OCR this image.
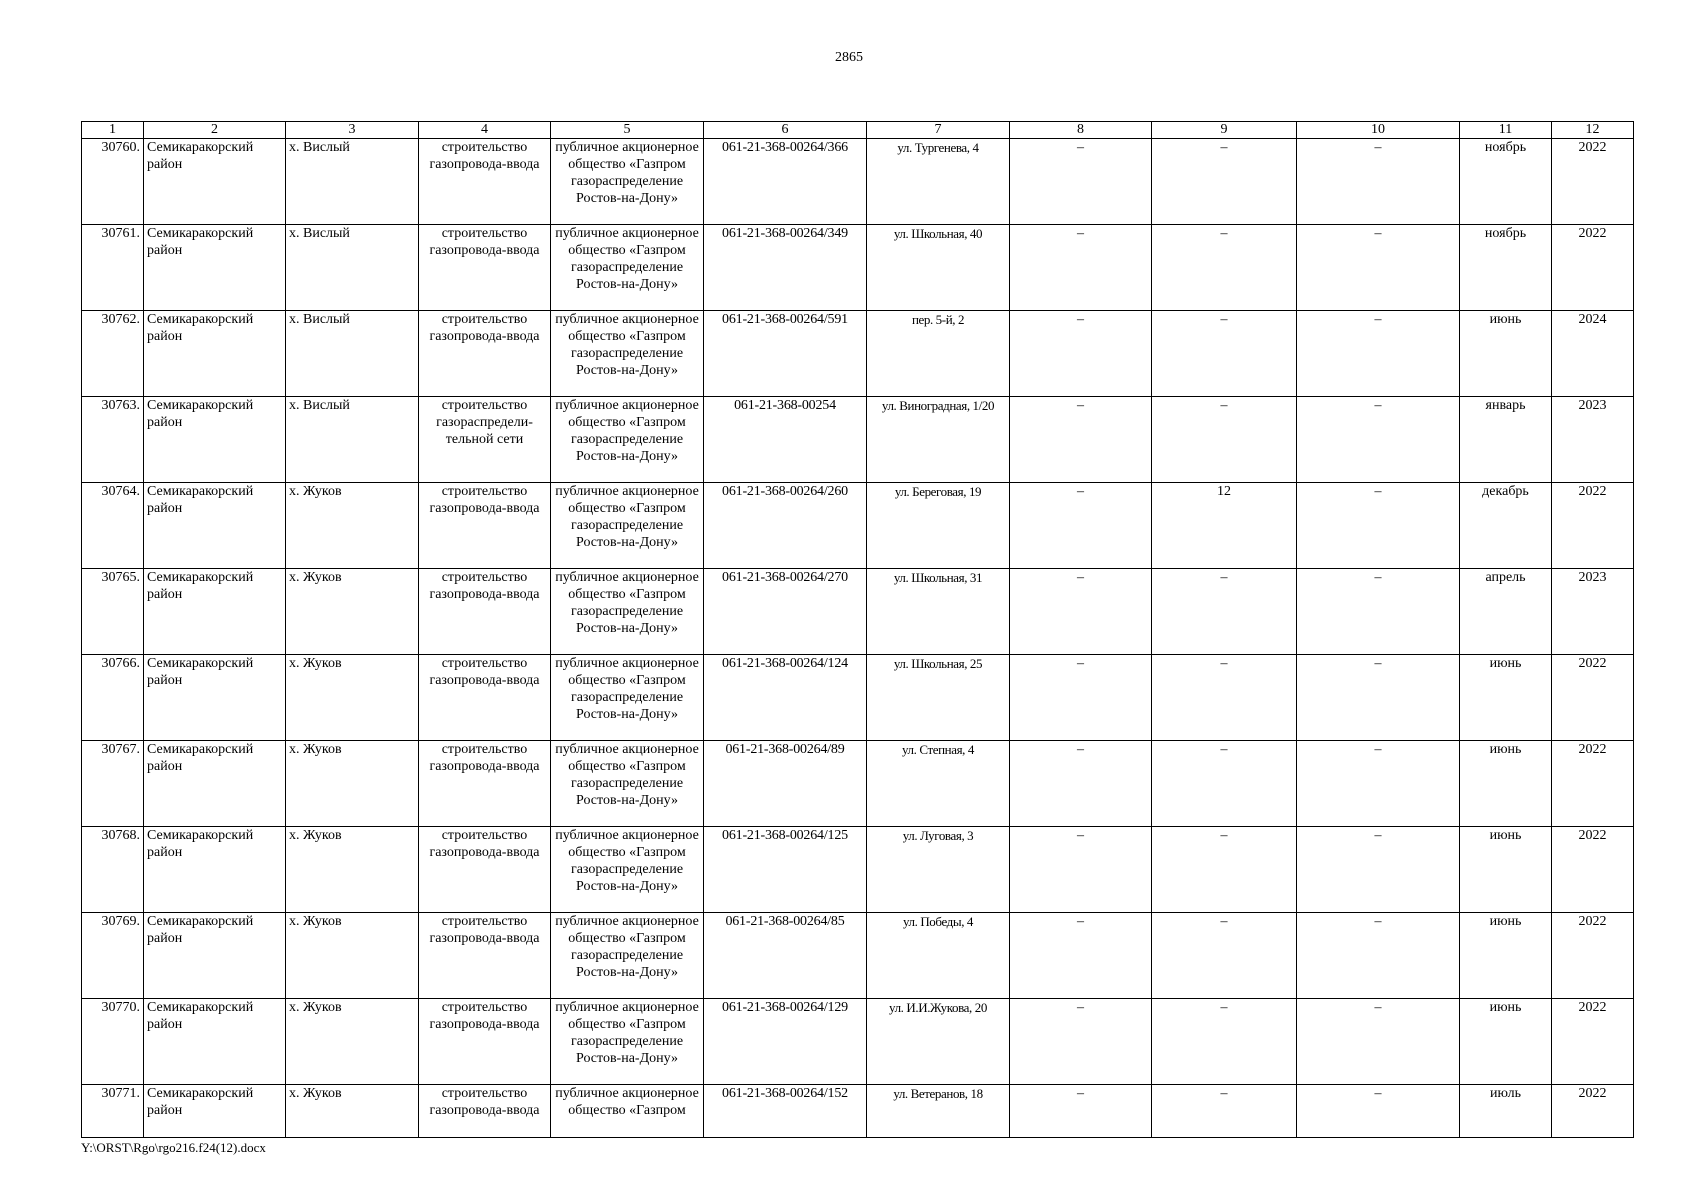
2865
1	2	3	4	5	6	7	8	9	10	11	12
30760.	Семикаракорский район	х. Вислый	строительство газопровода-ввода	публичное акционерное общество «Газпром газораспределение Ростов-на-Дону»	061-21-368-00264/366	ул. Тургенева, 4	–	–	–	ноябрь	2022
30761.	Семикаракорский район	х. Вислый	строительство газопровода-ввода	публичное акционерное общество «Газпром газораспределение Ростов-на-Дону»	061-21-368-00264/349	ул. Школьная, 40	–	–	–	ноябрь	2022
30762.	Семикаракорский район	х. Вислый	строительство газопровода-ввода	публичное акционерное общество «Газпром газораспределение Ростов-на-Дону»	061-21-368-00264/591	пер. 5-й, 2	–	–	–	июнь	2024
30763.	Семикаракорский район	х. Вислый	строительство газораспредели-тельной сети	публичное акционерное общество «Газпром газораспределение Ростов-на-Дону»	061-21-368-00254	ул. Виноградная, 1/20	–	–	–	январь	2023
30764.	Семикаракорский район	х. Жуков	строительство газопровода-ввода	публичное акционерное общество «Газпром газораспределение Ростов-на-Дону»	061-21-368-00264/260	ул. Береговая, 19	–	12	–	декабрь	2022
30765.	Семикаракорский район	х. Жуков	строительство газопровода-ввода	публичное акционерное общество «Газпром газораспределение Ростов-на-Дону»	061-21-368-00264/270	ул. Школьная, 31	–	–	–	апрель	2023
30766.	Семикаракорский район	х. Жуков	строительство газопровода-ввода	публичное акционерное общество «Газпром газораспределение Ростов-на-Дону»	061-21-368-00264/124	ул. Школьная, 25	–	–	–	июнь	2022
30767.	Семикаракорский район	х. Жуков	строительство газопровода-ввода	публичное акционерное общество «Газпром газораспределение Ростов-на-Дону»	061-21-368-00264/89	ул. Степная, 4	–	–	–	июнь	2022
30768.	Семикаракорский район	х. Жуков	строительство газопровода-ввода	публичное акционерное общество «Газпром газораспределение Ростов-на-Дону»	061-21-368-00264/125	ул. Луговая, 3	–	–	–	июнь	2022
30769.	Семикаракорский район	х. Жуков	строительство газопровода-ввода	публичное акционерное общество «Газпром газораспределение Ростов-на-Дону»	061-21-368-00264/85	ул. Победы, 4	–	–	–	июнь	2022
30770.	Семикаракорский район	х. Жуков	строительство газопровода-ввода	публичное акционерное общество «Газпром газораспределение Ростов-на-Дону»	061-21-368-00264/129	ул. И.И.Жукова, 20	–	–	–	июнь	2022
30771.	Семикаракорский район	х. Жуков	строительство газопровода-ввода	публичное акционерное общество «Газпром	061-21-368-00264/152	ул. Ветеранов, 18	–	–	–	июль	2022
Y:\ORST\Rgo\rgo216.f24(12).docx
